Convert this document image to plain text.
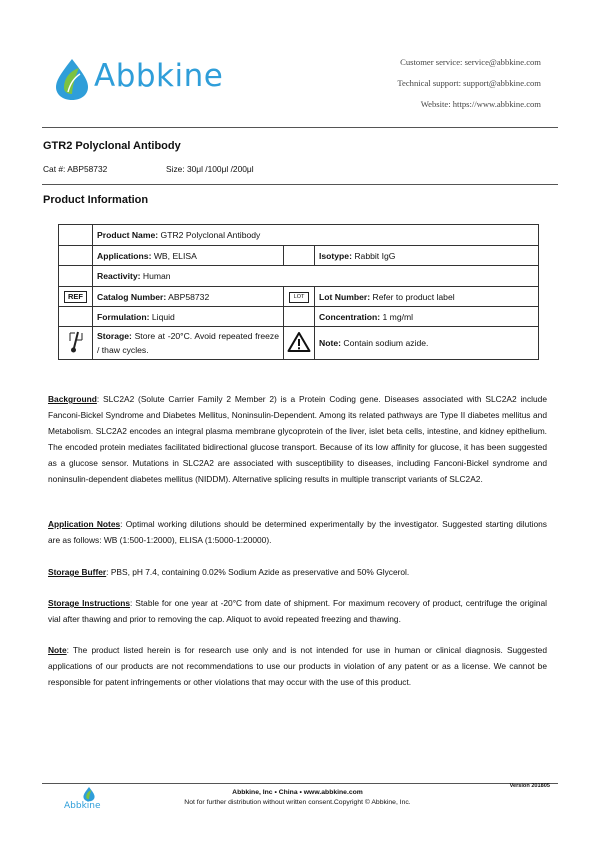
Abbkine	Customer service: service@abbkine.com
Technical support: support@abbkine.com
Website: https://www.abbkine.com
GTR2 Polyclonal Antibody
Cat #: ABP58732	Size: 30μl /100μl /200μl
Product Information
	Product Name: GTR2 Polyclonal Antibody		
	Applications: WB, ELISA		Isotype: Rabbit IgG
	Reactivity: Human		
REF	Catalog Number: ABP58732	LOT	Lot Number: Refer to product label
	Formulation: Liquid		Concentration: 1 mg/ml
	Storage: Store at -20°C. Avoid repeated freeze / thaw cycles.		Note: Contain sodium azide.
Background: SLC2A2 (Solute Carrier Family 2 Member 2) is a Protein Coding gene. Diseases associated with SLC2A2 include Fanconi-Bickel Syndrome and Diabetes Mellitus, Noninsulin-Dependent. Among its related pathways are Type II diabetes mellitus and Metabolism. SLC2A2 encodes an integral plasma membrane glycoprotein of the liver, islet beta cells, intestine, and kidney epithelium. The encoded protein mediates facilitated bidirectional glucose transport. Because of its low affinity for glucose, it has been suggested as a glucose sensor. Mutations in SLC2A2 are associated with susceptibility to diseases, including Fanconi-Bickel syndrome and noninsulin-dependent diabetes mellitus (NIDDM). Alternative splicing results in multiple transcript variants of SLC2A2.
Application Notes: Optimal working dilutions should be determined experimentally by the investigator. Suggested starting dilutions are as follows: WB (1:500-1:2000), ELISA (1:5000-1:20000).
Storage Buffer: PBS, pH 7.4, containing 0.02% Sodium Azide as preservative and 50% Glycerol.
Storage Instructions: Stable for one year at -20°C from date of shipment. For maximum recovery of product, centrifuge the original vial after thawing and prior to removing the cap. Aliquot to avoid repeated freezing and thawing.
Note: The product listed herein is for research use only and is not intended for use in human or clinical diagnosis. Suggested applications of our products are not recommendations to use our products in violation of any patent or as a license. We cannot be responsible for patent infringements or other violations that may occur with the use of this product.
Version 201805
Abbkine
Abbkine, Inc • China • www.abbkine.com
Not for further distribution without written consent.Copyright © Abbkine, Inc.
